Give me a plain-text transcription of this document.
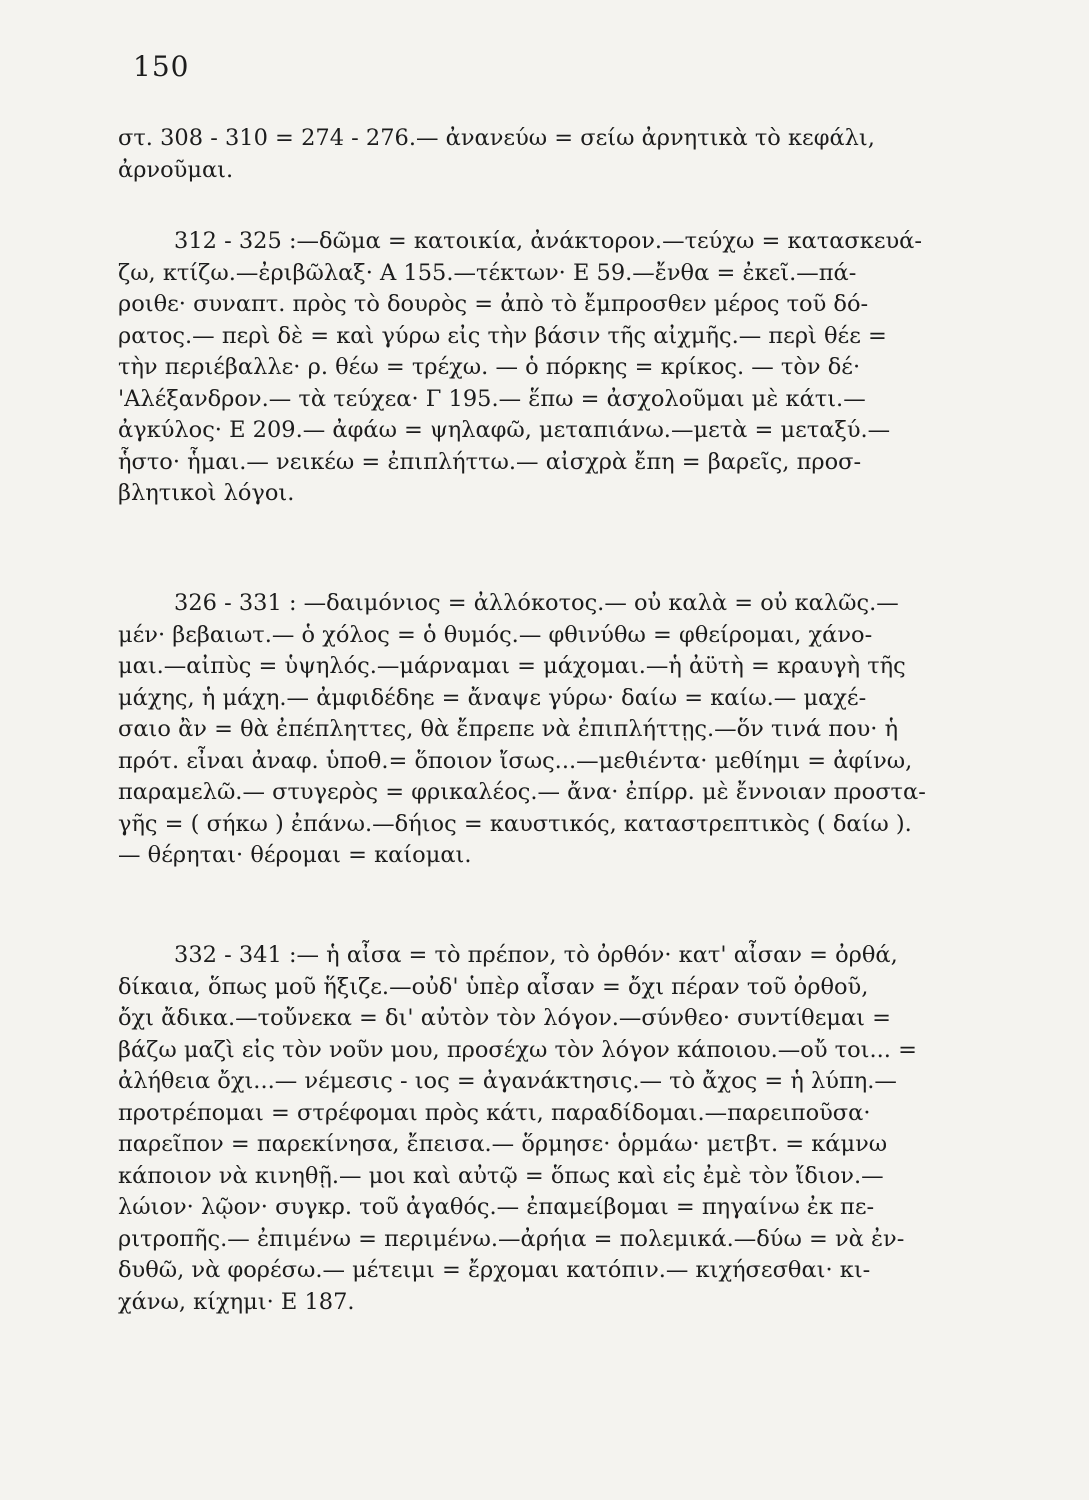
150
στ. 308 - 310 = 274 - 276.— ἀνανεύω = σείω ἀρνητικὰ τὸ κεφάλι,
ἀρνοῦμαι.
312 - 325 :—δῶμα = κατοικία, ἀνάκτορον.—τεύχω = κατασκευά-
ζω, κτίζω.—ἐριβῶλαξ· Α 155.—τέκτων· Ε 59.—ἔνθα = ἐκεῖ.—πά-
ροιθε· συναπτ. πρὸς τὸ δουρὸς = ἀπὸ τὸ ἔμπροσθεν μέρος τοῦ δό-
ρατος.— περὶ δὲ = καὶ γύρω εἰς τὴν βάσιν τῆς αἰχμῆς.— περὶ θέε =
τὴν περιέβαλλε· ρ. θέω = τρέχω. — ὁ πόρκης = κρίκος. — τὸν δέ·
'Αλέξανδρον.— τὰ τεύχεα· Γ 195.— ἕπω = ἀσχολοῦμαι μὲ κάτι.—
ἀγκύλος· Ε 209.— ἀφάω = ψηλαφῶ, μεταπιάνω.—μετὰ = μεταξύ.—
ἧστο· ἧμαι.— νεικέω = ἐπιπλήττω.— αἰσχρὰ ἔπη = βαρεῖς, προσ-
βλητικοὶ λόγοι.
326 - 331 : —δαιμόνιος = ἀλλόκοτος.— οὐ καλὰ = οὐ καλῶς.—
μέν· βεβαιωτ.— ὁ χόλος = ὁ θυμός.— φθινύθω = φθείρομαι, χάνο-
μαι.—αἰπὺς = ὑψηλός.—μάρναμαι = μάχομαι.—ἡ ἀϋτὴ = κραυγὴ τῆς
μάχης, ἡ μάχη.— ἀμφιδέδηε = ἄναψε γύρω· δαίω = καίω.— μαχέ-
σαιο ἂν = θὰ ἐπέπληττες, θὰ ἔπρεπε νὰ ἐπιπλήττῃς.—ὅν τινά που· ἡ
πρότ. εἶναι ἀναφ. ὑποθ.= ὅποιον ἴσως...—μεθιέντα· μεθίημι = ἀφίνω,
παραμελῶ.— στυγερὸς = φρικαλέος.— ἄνα· ἐπίρρ. μὲ ἔννοιαν προστα-
γῆς = ( σήκω ) ἐπάνω.—δήιος = καυστικός, καταστρεπτικὸς ( δαίω ).
— θέρηται· θέρομαι = καίομαι.
332 - 341 :— ἡ αἶσα = τὸ πρέπον, τὸ ὀρθόν· κατ' αἶσαν = ὀρθά,
δίκαια, ὅπως μοῦ ἥξιζε.—οὐδ' ὑπὲρ αἶσαν = ὄχι πέραν τοῦ ὀρθοῦ,
ὄχι ἄδικα.—τοὔνεκα = δι' αὐτὸν τὸν λόγον.—σύνθεο· συντίθεμαι =
βάζω μαζὶ εἰς τὸν νοῦν μου, προσέχω τὸν λόγον κάποιου.—οὔ τοι... =
ἀλήθεια ὄχι...— νέμεσις - ιος = ἀγανάκτησις.— τὸ ἄχος = ἡ λύπη.—
προτρέπομαι = στρέφομαι πρὸς κάτι, παραδίδομαι.—παρειποῦσα·
παρεῖπον = παρεκίνησα, ἔπεισα.— ὅρμησε· ὁρμάω· μετβτ. = κάμνω
κάποιον νὰ κινηθῇ.— μοι καὶ αὐτῷ = ὅπως καὶ εἰς ἐμὲ τὸν ἴδιον.—
λώιον· λῷον· συγκρ. τοῦ ἀγαθός.— ἐπαμείβομαι = πηγαίνω ἐκ πε-
ριτροπῆς.— ἐπιμένω = περιμένω.—ἀρήια = πολεμικά.—δύω = νὰ ἐν-
δυθῶ, νὰ φορέσω.— μέτειμι = ἔρχομαι κατόπιν.— κιχήσεσθαι· κι-
χάνω, κίχημι· Ε 187.
